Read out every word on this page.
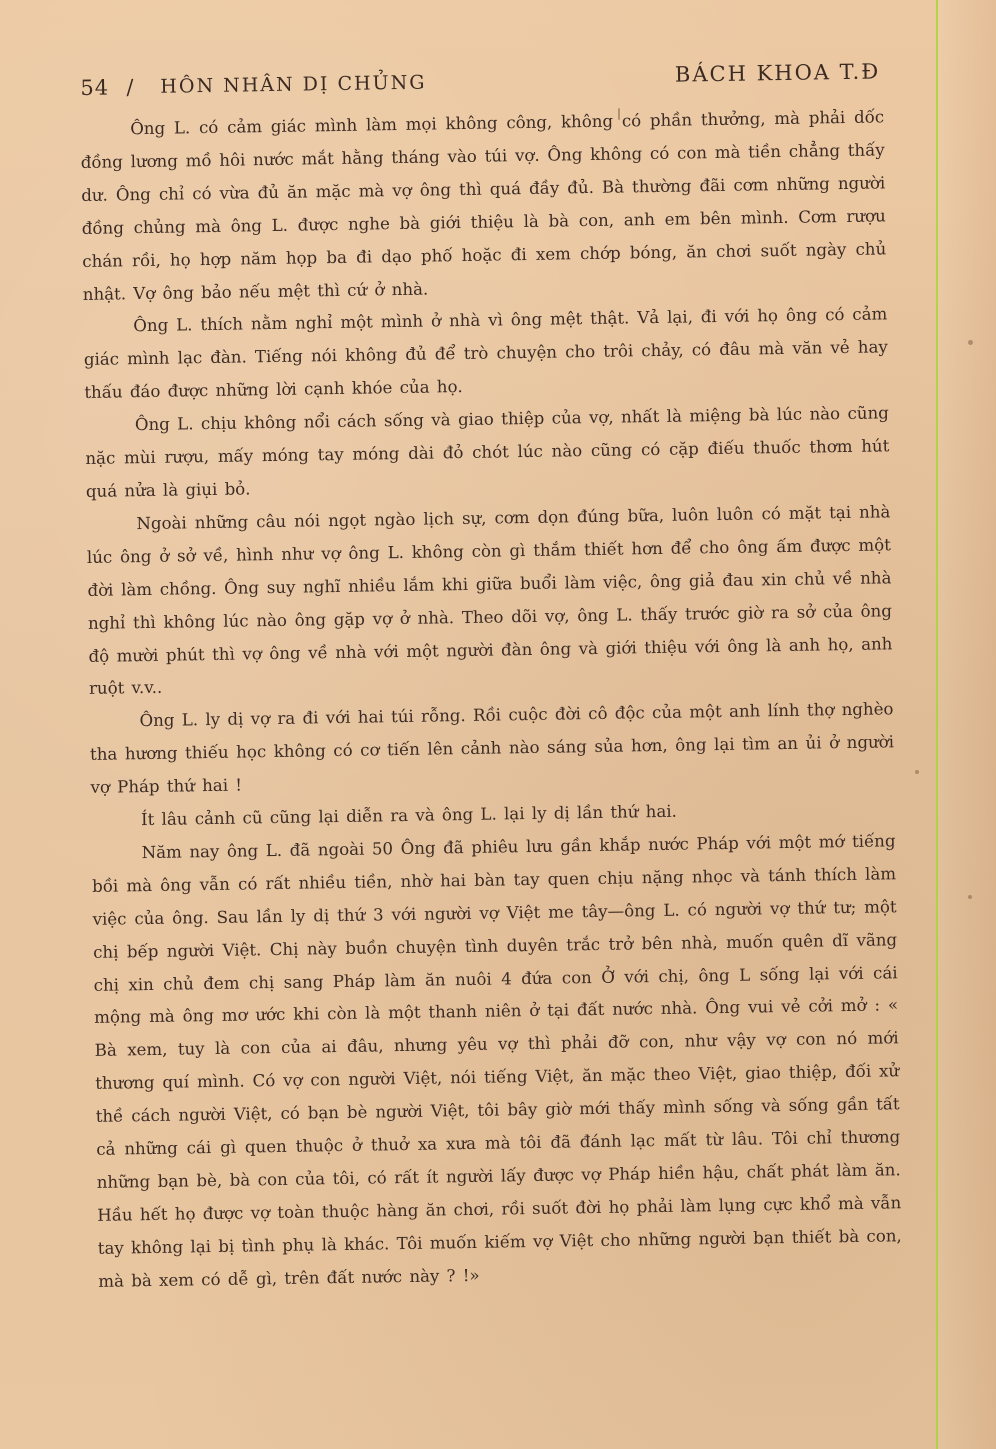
54 / HÔN NHÂN DỊ CHỦNG	BÁCH KHOA T.Đ

Ông L. có cảm giác mình làm mọi không công, không có phần thưởng, mà phải dốc đồng lương mồ hôi nước mắt hằng tháng vào túi vợ. Ông không có con mà tiền chẳng thấy dư. Ông chỉ có vừa đủ ăn mặc mà vợ ông thì quá đầy đủ. Bà thường đãi cơm những người đồng chủng mà ông L. được nghe bà giới thiệu là bà con, anh em bên mình. Cơm rượu chán rồi, họ hợp năm họp ba đi dạo phố hoặc đi xem chớp bóng, ăn chơi suốt ngày chủ nhật. Vợ ông bảo nếu mệt thì cứ ở nhà.

Ông L. thích nằm nghỉ một mình ở nhà vì ông mệt thật. Vả lại, đi với họ ông có cảm giác mình lạc đàn. Tiếng nói không đủ để trò chuyện cho trôi chảy, có đâu mà văn vẻ hay thấu đáo được những lời cạnh khóe của họ.

Ông L. chịu không nổi cách sống và giao thiệp của vợ, nhất là miệng bà lúc nào cũng nặc mùi rượu, mấy móng tay móng dài đỏ chót lúc nào cũng có cặp điếu thuốc thơm hút quá nửa là giụi bỏ.

Ngoài những câu nói ngọt ngào lịch sự, cơm dọn đúng bữa, luôn luôn có mặt tại nhà lúc ông ở sở về, hình như vợ ông L. không còn gì thắm thiết hơn để cho ông ấm được một đời làm chồng. Ông suy nghĩ nhiều lắm khi giữa buổi làm việc, ông giả đau xin chủ về nhà nghỉ thì không lúc nào ông gặp vợ ở nhà. Theo dõi vợ, ông L. thấy trước giờ ra sở của ông độ mười phút thì vợ ông về nhà với một người đàn ông và giới thiệu với ông là anh họ, anh ruột v.v..

Ông L. ly dị vợ ra đi với hai túi rỗng. Rồi cuộc đời cô độc của một anh lính thợ nghèo tha hương thiếu học không có cơ tiến lên cảnh nào sáng sủa hơn, ông lại tìm an ủi ở người vợ Pháp thứ hai !

Ít lâu cảnh cũ cũng lại diễn ra và ông L. lại ly dị lần thứ hai.

Năm nay ông L. đã ngoài 50 Ông đã phiêu lưu gần khắp nước Pháp với một mớ tiếng bồi mà ông vẫn có rất nhiều tiền, nhờ hai bàn tay quen chịu nặng nhọc và tánh thích làm việc của ông. Sau lần ly dị thứ 3 với người vợ Việt me tây—ông L. có người vợ thứ tư; một chị bếp người Việt. Chị này buồn chuyện tình duyên trắc trở bên nhà, muốn quên dĩ vãng chị xin chủ đem chị sang Pháp làm ăn nuôi 4 đứa con Ở với chị, ông L sống lại với cái mộng mà ông mơ ước khi còn là một thanh niên ở tại đất nước nhà. Ông vui vẻ cởi mở : « Bà xem, tuy là con của ai đâu, nhưng yêu vợ thì phải đỡ con, như vậy vợ con nó mới thương quí mình. Có vợ con người Việt, nói tiếng Việt, ăn mặc theo Việt, giao thiệp, đối xử thề cách người Việt, có bạn bè người Việt, tôi bây giờ mới thấy mình sống và sống gần tất cả những cái gì quen thuộc ở thuở xa xưa mà tôi đã đánh lạc mất từ lâu. Tôi chỉ thương những bạn bè, bà con của tôi, có rất ít người lấy được vợ Pháp hiền hậu, chất phát làm ăn. Hầu hết họ được vợ toàn thuộc hàng ăn chơi, rồi suốt đời họ phải làm lụng cực khổ mà vẫn tay không lại bị tình phụ là khác. Tôi muốn kiếm vợ Việt cho những người bạn thiết bà con, mà bà xem có dễ gì, trên đất nước này ? !»
